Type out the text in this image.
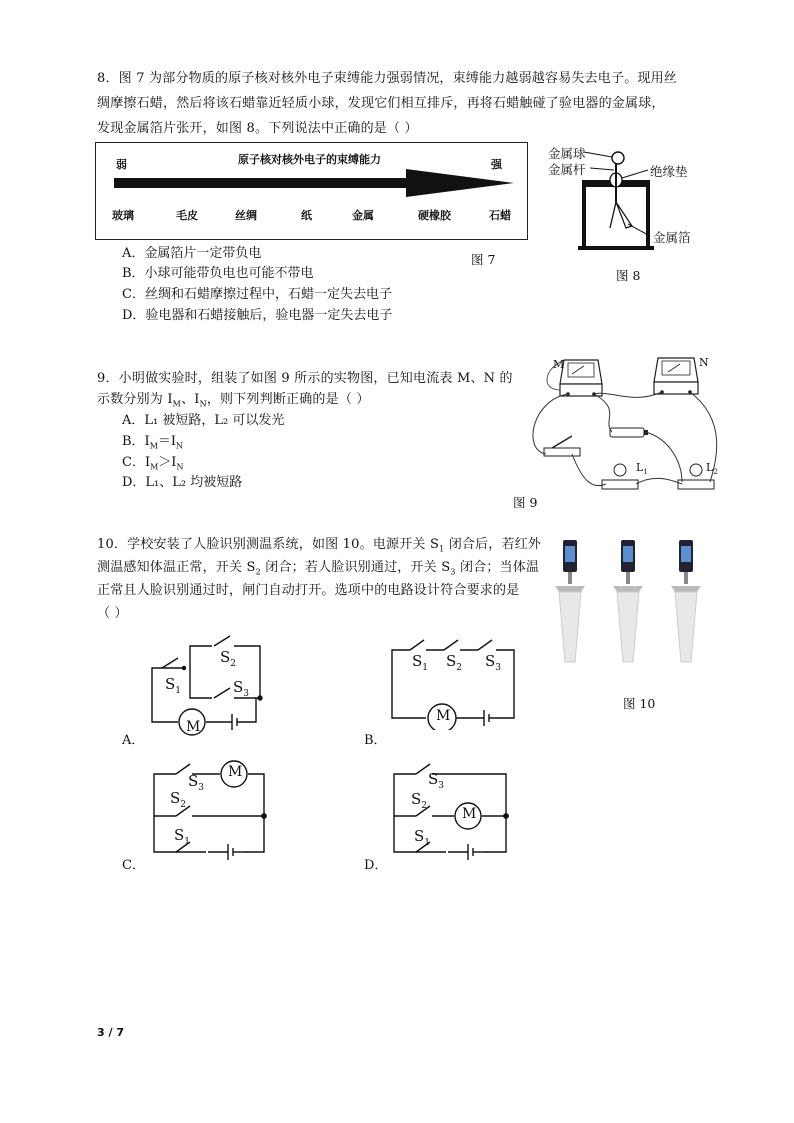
8．图 7 为部分物质的原子核对核外电子束缚能力强弱情况，束缚能力越弱越容易失去电子。现用丝
绸摩擦石蜡，然后将该石蜡靠近轻质小球，发现它们相互排斥，再将石蜡触碰了验电器的金属球，
发现金属箔片张开，如图 8。下列说法中正确的是（ ）
弱	强
原子核对核外电子的束缚能力
玻璃	毛皮	丝绸	纸	金属	硬橡胶	石蜡
图 7
A．金属箔片一定带负电
B．小球可能带负电也可能不带电
C．丝绸和石蜡摩擦过程中，石蜡一定失去电子
D．验电器和石蜡接触后，验电器一定失去电子
金属球
金属杆	绝缘垫
金属箔
图 8
9．小明做实验时，组装了如图 9 所示的实物图，已知电流表 M、N 的
示数分别为 $I_M$、$I_N$，则下列判断正确的是（ ）
A．L₁ 被短路，L₂ 可以发光
B．$I_M=I_N$
C．$I_M>I_N$
D．L₁、L₂ 均被短路
M	N
$L_1$	$L_2$
图 9
10．学校安装了人脸识别测温系统，如图 10。电源开关 $S_1$ 闭合后，若红外
测温感知体温正常，开关 $S_2$ 闭合；若人脸识别通过，开关 $S_3$ 闭合；当体温
正常且人脸识别通过时，闸门自动打开。选项中的电路设计符合要求的是
（ ）
图 10
M
$S_1$
$S_2$
$S_3$
A．
M
$S_1$ $S_2$ $S_3$
B．
M
$S_3$
$S_2$
$S_1$
C．
M
$S_3$
$S_2$
$S_1$
D．
3 / 7
